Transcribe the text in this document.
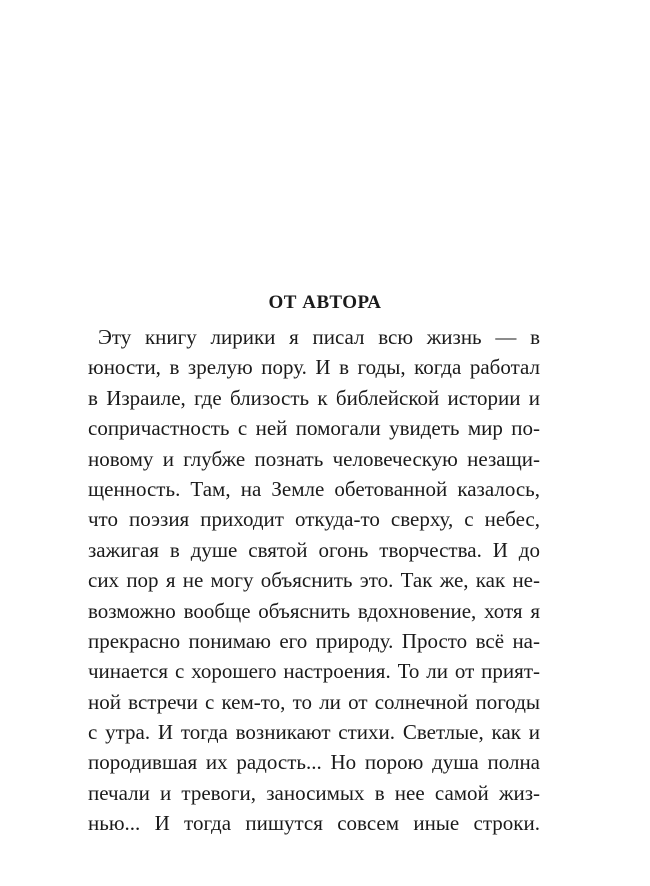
ОТ АВТОРА
Эту книгу лирики я писал всю жизнь — в
юности, в зрелую пору. И в годы, когда работал
в Израиле, где близость к библейской истории и
сопричастность с ней помогали увидеть мир по-
новому и глубже познать человеческую незащи-
щенность. Там, на Земле обетованной казалось,
что поэзия приходит откуда-то сверху, с небес,
зажигая в душе святой огонь творчества. И до
сих пор я не могу объяснить это. Так же, как не-
возможно вообще объяснить вдохновение, хотя я
прекрасно понимаю его природу. Просто всё на-
чинается с хорошего настроения. То ли от прият-
ной встречи с кем-то, то ли от солнечной погоды
с утра. И тогда возникают стихи. Светлые, как и
породившая их радость... Но порою душа полна
печали и тревоги, заносимых в нее самой жиз-
нью... И тогда пишутся совсем иные строки.
